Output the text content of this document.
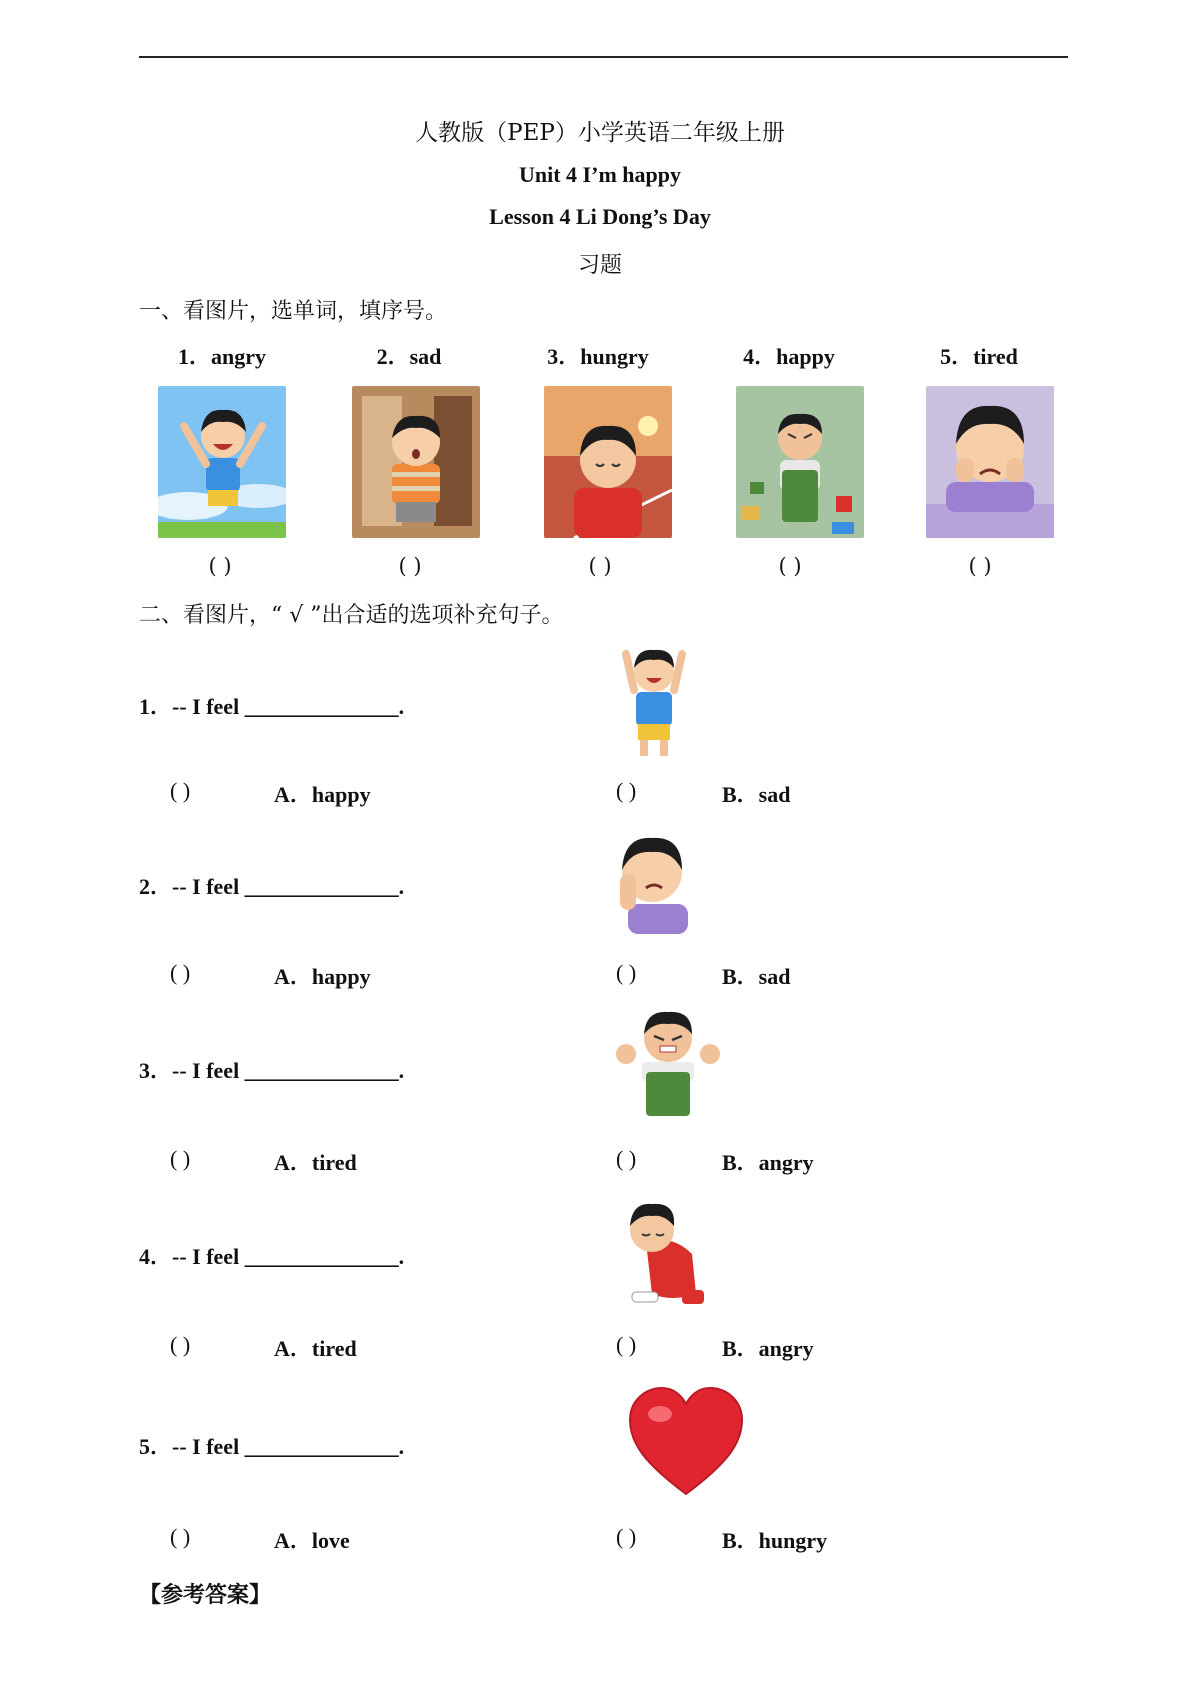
人教版（PEP）小学英语二年级上册
Unit 4 I’m happy
Lesson 4 Li Dong’s Day
习题
一、看图片，选单词，填序号。
1．angry	2．sad	3．hungry	4．happy	5．tired
( )	( )	( )	( )	( )
二、看图片，“ √ ”出合适的选项补充句子。
1．-- I feel ______________.
( )	A．happy	( )	B．sad
2．-- I feel ______________.
( )	A．happy	( )	B．sad
3．-- I feel ______________.
( )	A．tired	( )	B．angry
4．-- I feel ______________.
( )	A．tired	( )	B．angry
5．-- I feel ______________.
( )	A．love	( )	B．hungry
【参考答案】
